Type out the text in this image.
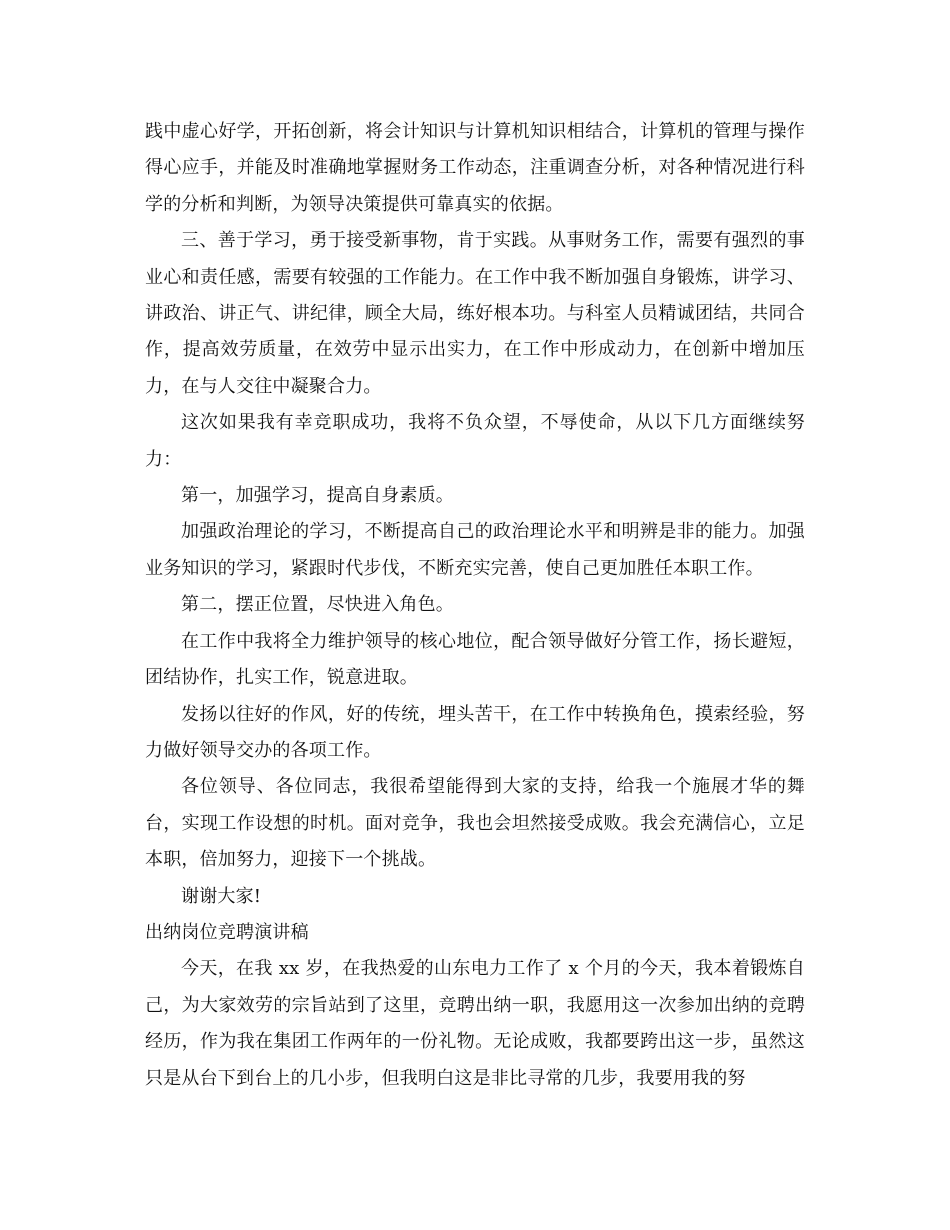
践中虚心好学，开拓创新，将会计知识与计算机知识相结合，计算机的管理与操作得心应手，并能及时准确地掌握财务工作动态，注重调查分析，对各种情况进行科学的分析和判断，为领导决策提供可靠真实的依据。

三、善于学习，勇于接受新事物，肯于实践。从事财务工作，需要有强烈的事业心和责任感，需要有较强的工作能力。在工作中我不断加强自身锻炼，讲学习、讲政治、讲正气、讲纪律，顾全大局，练好根本功。与科室人员精诚团结，共同合作，提高效劳质量，在效劳中显示出实力，在工作中形成动力，在创新中增加压力，在与人交往中凝聚合力。

这次如果我有幸竞职成功，我将不负众望，不辱使命，从以下几方面继续努力：

第一，加强学习，提高自身素质。

加强政治理论的学习，不断提高自己的政治理论水平和明辨是非的能力。加强业务知识的学习，紧跟时代步伐，不断充实完善，使自己更加胜任本职工作。

第二，摆正位置，尽快进入角色。

在工作中我将全力维护领导的核心地位，配合领导做好分管工作，扬长避短，团结协作，扎实工作，锐意进取。

发扬以往好的作风，好的传统，埋头苦干，在工作中转换角色，摸索经验，努力做好领导交办的各项工作。

各位领导、各位同志，我很希望能得到大家的支持，给我一个施展才华的舞台，实现工作设想的时机。面对竞争，我也会坦然接受成败。我会充满信心，立足本职，倍加努力，迎接下一个挑战。

谢谢大家!

出纳岗位竞聘演讲稿

今天，在我 xx 岁，在我热爱的山东电力工作了 x 个月的今天，我本着锻炼自己，为大家效劳的宗旨站到了这里，竞聘出纳一职，我愿用这一次参加出纳的竞聘经历，作为我在集团工作两年的一份礼物。无论成败，我都要跨出这一步，虽然这只是从台下到台上的几小步，但我明白这是非比寻常的几步，我要用我的努
